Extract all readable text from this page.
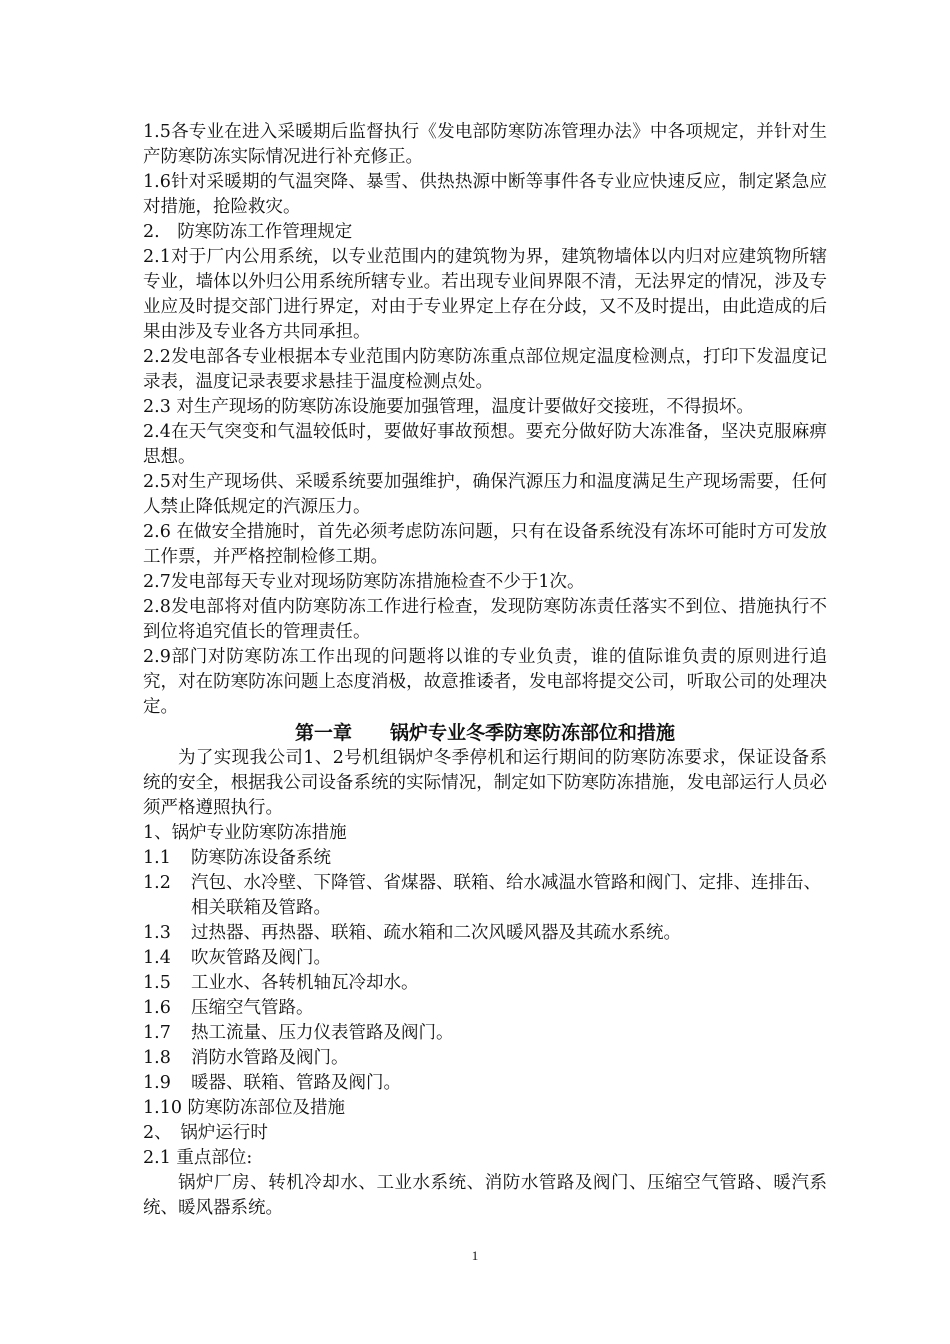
1.5各专业在进入采暖期后监督执行《发电部防寒防冻管理办法》中各项规定，并针对生产防寒防冻实际情况进行补充修正。

1.6针对采暖期的气温突降、暴雪、供热热源中断等事件各专业应快速反应，制定紧急应对措施，抢险救灾。

2.　防寒防冻工作管理规定

2.1对于厂内公用系统，以专业范围内的建筑物为界，建筑物墙体以内归对应建筑物所辖专业，墙体以外归公用系统所辖专业。若出现专业间界限不清，无法界定的情况，涉及专业应及时提交部门进行界定，对由于专业界定上存在分歧，又不及时提出，由此造成的后果由涉及专业各方共同承担。

2.2发电部各专业根据本专业范围内防寒防冻重点部位规定温度检测点，打印下发温度记录表，温度记录表要求悬挂于温度检测点处。

2.3 对生产现场的防寒防冻设施要加强管理，温度计要做好交接班，不得损坏。

2.4在天气突变和气温较低时，要做好事故预想。要充分做好防大冻准备，坚决克服麻痹思想。

2.5对生产现场供、采暖系统要加强维护，确保汽源压力和温度满足生产现场需要，任何人禁止降低规定的汽源压力。

2.6 在做安全措施时，首先必须考虑防冻问题，只有在设备系统没有冻坏可能时方可发放工作票，并严格控制检修工期。

2.7发电部每天专业对现场防寒防冻措施检查不少于1次。

2.8发电部将对值内防寒防冻工作进行检查，发现防寒防冻责任落实不到位、措施执行不到位将追究值长的管理责任。

2.9部门对防寒防冻工作出现的问题将以谁的专业负责，谁的值际谁负责的原则进行追究，对在防寒防冻问题上态度消极，故意推诿者，发电部将提交公司，听取公司的处理决定。

第一章　　锅炉专业冬季防寒防冻部位和措施

为了实现我公司1、2号机组锅炉冬季停机和运行期间的防寒防冻要求，保证设备系统的安全，根据我公司设备系统的实际情况，制定如下防寒防冻措施，发电部运行人员必须严格遵照执行。

1、锅炉专业防寒防冻措施

1.1	防寒防冻设备系统
1.2	汽包、水冷壁、下降管、省煤器、联箱、给水减温水管路和阀门、定排、连排缶、相关联箱及管路。
1.3	过热器、再热器、联箱、疏水箱和二次风暖风器及其疏水系统。
1.4	吹灰管路及阀门。
1.5	工业水、各转机轴瓦冷却水。
1.6	压缩空气管路。
1.7	热工流量、压力仪表管路及阀门。
1.8	消防水管路及阀门。
1.9	暖器、联箱、管路及阀门。

1.10 防寒防冻部位及措施

2、　锅炉运行时

2.1 重点部位:

锅炉厂房、转机冷却水、工业水系统、消防水管路及阀门、压缩空气管路、暖汽系统、暖风器系统。

1
